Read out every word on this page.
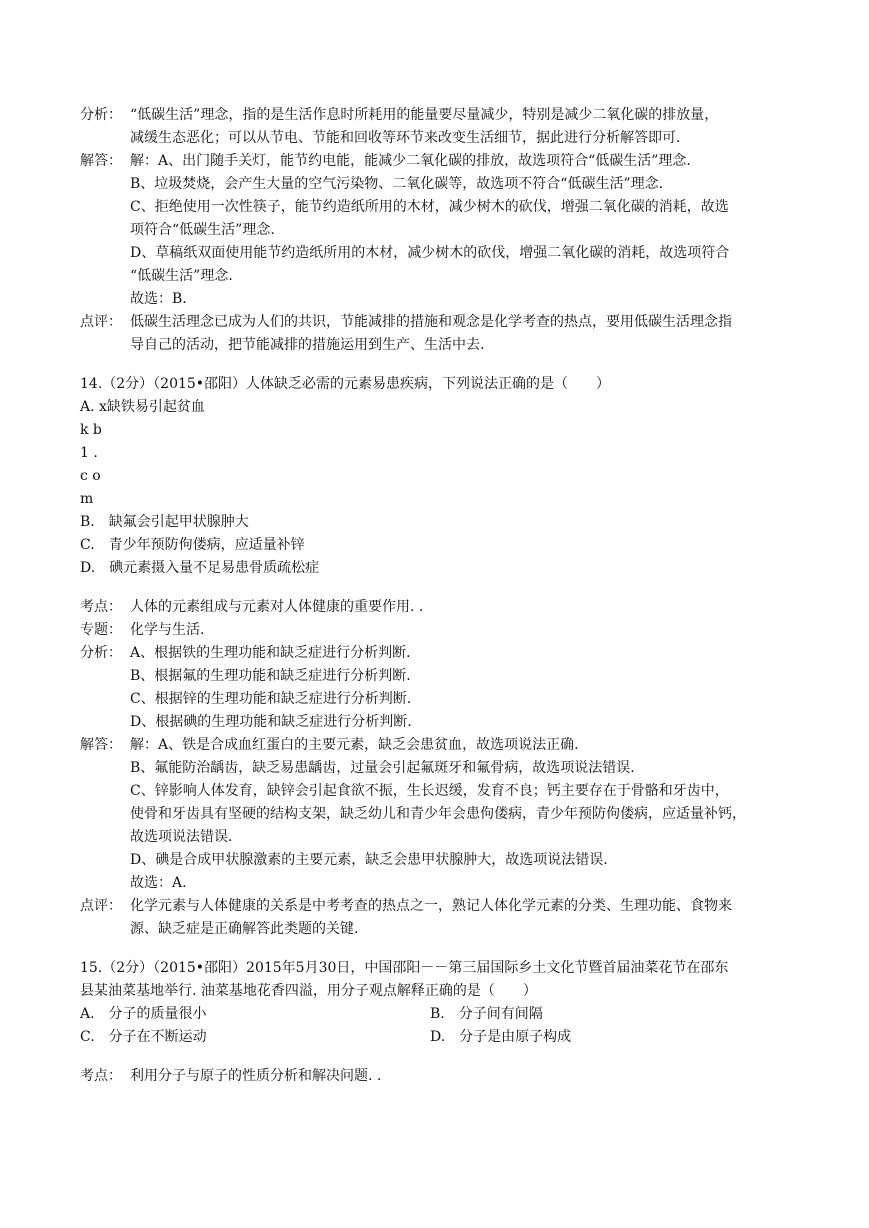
分析： “低碳生活”理念，指的是生活作息时所耗用的能量要尽量减少，特别是减少二氧化碳的排放量，
减缓生态恶化；可以从节电、节能和回收等环节来改变生活细节，据此进行分析解答即可.
解答： 解：A、出门随手关灯，能节约电能，能减少二氧化碳的排放，故选项符合“低碳生活”理念.
B、垃圾焚烧，会产生大量的空气污染物、二氧化碳等，故选项不符合“低碳生活”理念.
C、拒绝使用一次性筷子，能节约造纸所用的木材，减少树木的砍伐，增强二氧化碳的消耗，故选
项符合“低碳生活”理念.
D、草稿纸双面使用能节约造纸所用的木材，减少树木的砍伐，增强二氧化碳的消耗，故选项符合
“低碳生活”理念.
故选：B.
点评： 低碳生活理念已成为人们的共识，节能减排的措施和观念是化学考查的热点，要用低碳生活理念指
导自己的活动，把节能减排的措施运用到生产、生活中去.
14.（2分）（2015•邵阳）人体缺乏必需的元素易患疾病，下列说法正确的是（　　）
A. x缺铁易引起贫血
k b
1 .
c o
m
B.　缺氟会引起甲状腺肿大
C.　青少年预防佝偻病，应适量补锌
D.　碘元素摄入量不足易患骨质疏松症
考点： 人体的元素组成与元素对人体健康的重要作用. .
专题： 化学与生活.
分析： A、根据铁的生理功能和缺乏症进行分析判断.
B、根据氟的生理功能和缺乏症进行分析判断.
C、根据锌的生理功能和缺乏症进行分析判断.
D、根据碘的生理功能和缺乏症进行分析判断.
解答： 解：A、铁是合成血红蛋白的主要元素，缺乏会患贫血，故选项说法正确.
B、氟能防治龋齿，缺乏易患龋齿，过量会引起氟斑牙和氟骨病，故选项说法错误.
C、锌影响人体发育，缺锌会引起食欲不振，生长迟缓，发育不良；钙主要存在于骨骼和牙齿中，
使骨和牙齿具有坚硬的结构支架，缺乏幼儿和青少年会患佝偻病，青少年预防佝偻病，应适量补钙，
故选项说法错误.
D、碘是合成甲状腺激素的主要元素，缺乏会患甲状腺肿大，故选项说法错误.
故选：A.
点评： 化学元素与人体健康的关系是中考考查的热点之一，熟记人体化学元素的分类、生理功能、食物来
源、缺乏症是正确解答此类题的关键.
15.（2分）（2015•邵阳）2015年5月30日，中国邵阳－－第三届国际乡土文化节暨首届油菜花节在邵东
县某油菜基地举行. 油菜基地花香四溢，用分子观点解释正确的是（　　）
A.　分子的质量很小	B.　分子间有间隔
C.　分子在不断运动	D.　分子是由原子构成
考点： 利用分子与原子的性质分析和解决问题. .
